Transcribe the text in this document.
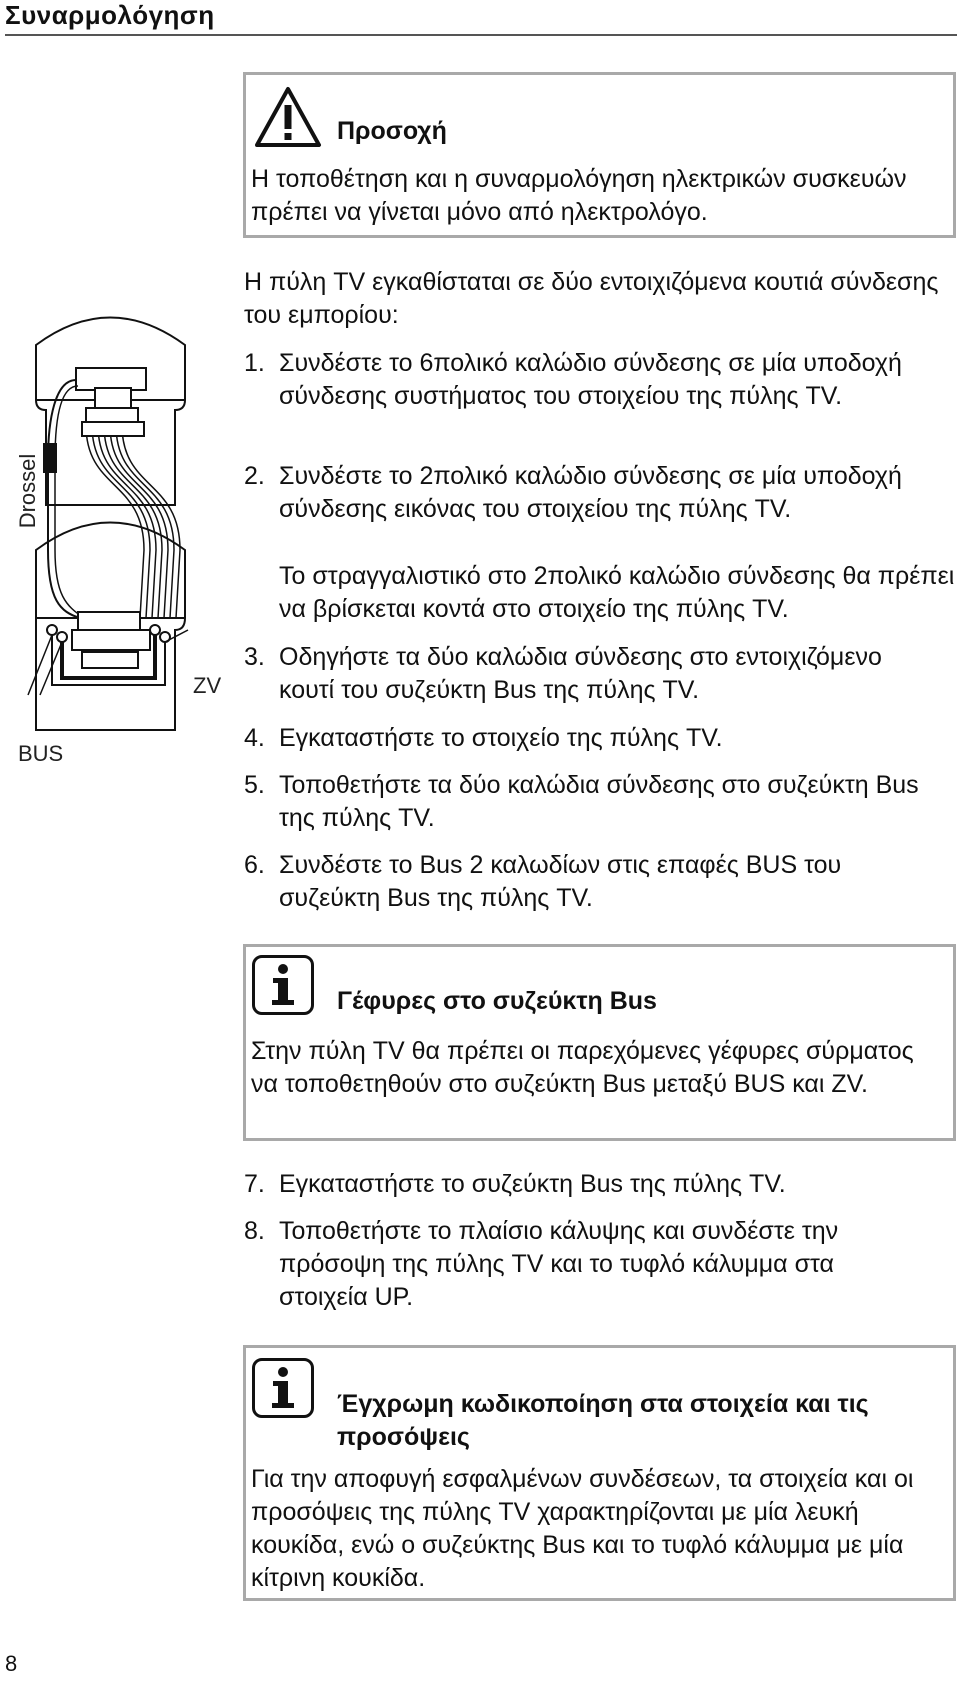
Συναρμολόγηση
Προσοχή
Η τοποθέτηση και η συναρμολόγηση ηλεκτρικών συσκευών πρέπει να γίνεται μόνο από ηλεκτρολόγο.
Drossel
ZV
BUS
Η πύλη TV εγκαθίσταται σε δύο εντοιχιζόμενα κουτιά σύνδεσης του εμπορίου:
1. Συνδέστε το 6πολικό καλώδιο σύνδεσης σε μία υποδοχή σύνδεσης συστήματος του στοιχείου της πύλης TV.
2. Συνδέστε το 2πολικό καλώδιο σύνδεσης σε μία υποδοχή σύνδεσης εικόνας του στοιχείου της πύλης TV.
Το στραγγαλιστικό στο 2πολικό καλώδιο σύνδεσης θα πρέπει να βρίσκεται κοντά στο στοιχείο της πύλης TV.
3. Οδηγήστε τα δύο καλώδια σύνδεσης στο εντοιχιζόμενο κουτί του συζεύκτη Bus της πύλης TV.
4. Εγκαταστήστε το στοιχείο της πύλης TV.
5. Τοποθετήστε τα δύο καλώδια σύνδεσης στο συζεύκτη Bus της πύλης TV.
6. Συνδέστε το Bus 2 καλωδίων στις επαφές BUS του συζεύκτη Bus της πύλης TV.
Γέφυρες στο συζεύκτη Bus
Στην πύλη TV θα πρέπει οι παρεχόμενες γέφυρες σύρματος να τοποθετηθούν στο συζεύκτη Bus μεταξύ BUS και ZV.
7. Εγκαταστήστε το συζεύκτη Bus της πύλης TV.
8. Τοποθετήστε το πλαίσιο κάλυψης και συνδέστε την πρόσοψη της πύλης TV και το τυφλό κάλυμμα στα στοιχεία UP.
Έγχρωμη κωδικοποίηση στα στοιχεία και τις προσόψεις
Για την αποφυγή εσφαλμένων συνδέσεων, τα στοιχεία και οι προσόψεις της πύλης TV χαρακτηρίζονται με μία λευκή κουκίδα, ενώ ο συζεύκτης Bus και το τυφλό κάλυμμα με μία κίτρινη κουκίδα.
8
